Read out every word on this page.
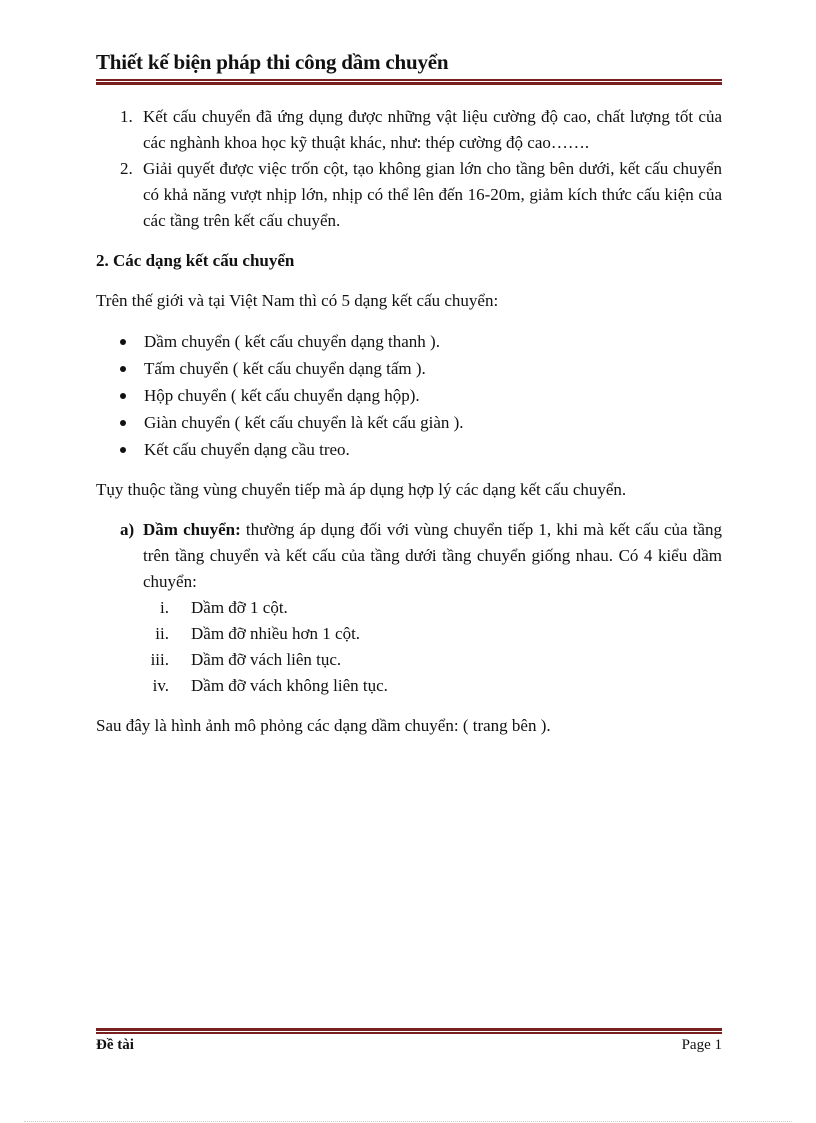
Thiết kế biện pháp thi công dầm chuyển
1. Kết cấu chuyển đã ứng dụng được những vật liệu cường độ cao, chất lượng tốt của các nghành khoa học kỹ thuật khác, như: thép cường độ cao…….
2. Giải quyết được việc trốn cột, tạo không gian lớn cho tầng bên dưới, kết cấu chuyển có khả năng vượt nhịp lớn, nhịp có thể lên đến 16-20m, giảm kích thức cấu kiện của các tầng trên kết cấu chuyển.
2. Các dạng kết cấu chuyển
Trên thế giới và tại Việt Nam thì có 5 dạng kết cấu chuyển:
Dầm chuyển ( kết cấu chuyển dạng thanh ).
Tấm chuyển ( kết cấu chuyển dạng tấm ).
Hộp chuyển ( kết cấu chuyển dạng hộp).
Giàn chuyển ( kết cấu chuyển là kết cấu giàn ).
Kết cấu chuyển dạng cầu treo.
Tụy thuộc tầng vùng chuyển tiếp mà áp dụng hợp lý các dạng kết cấu chuyển.
a) Dầm chuyển: thường áp dụng đối với vùng chuyển tiếp 1, khi mà kết cấu của tầng trên tầng chuyển và kết cấu của tầng dưới tầng chuyển giống nhau. Có 4 kiểu dầm chuyển:
i. Dầm đỡ 1 cột.
ii. Dầm đỡ nhiều hơn 1 cột.
iii. Dầm đỡ vách liên tục.
iv. Dầm đỡ vách không liên tục.
Sau đây là hình ảnh mô phỏng các dạng dầm chuyển: ( trang bên ).
Đề tài	Page 1
